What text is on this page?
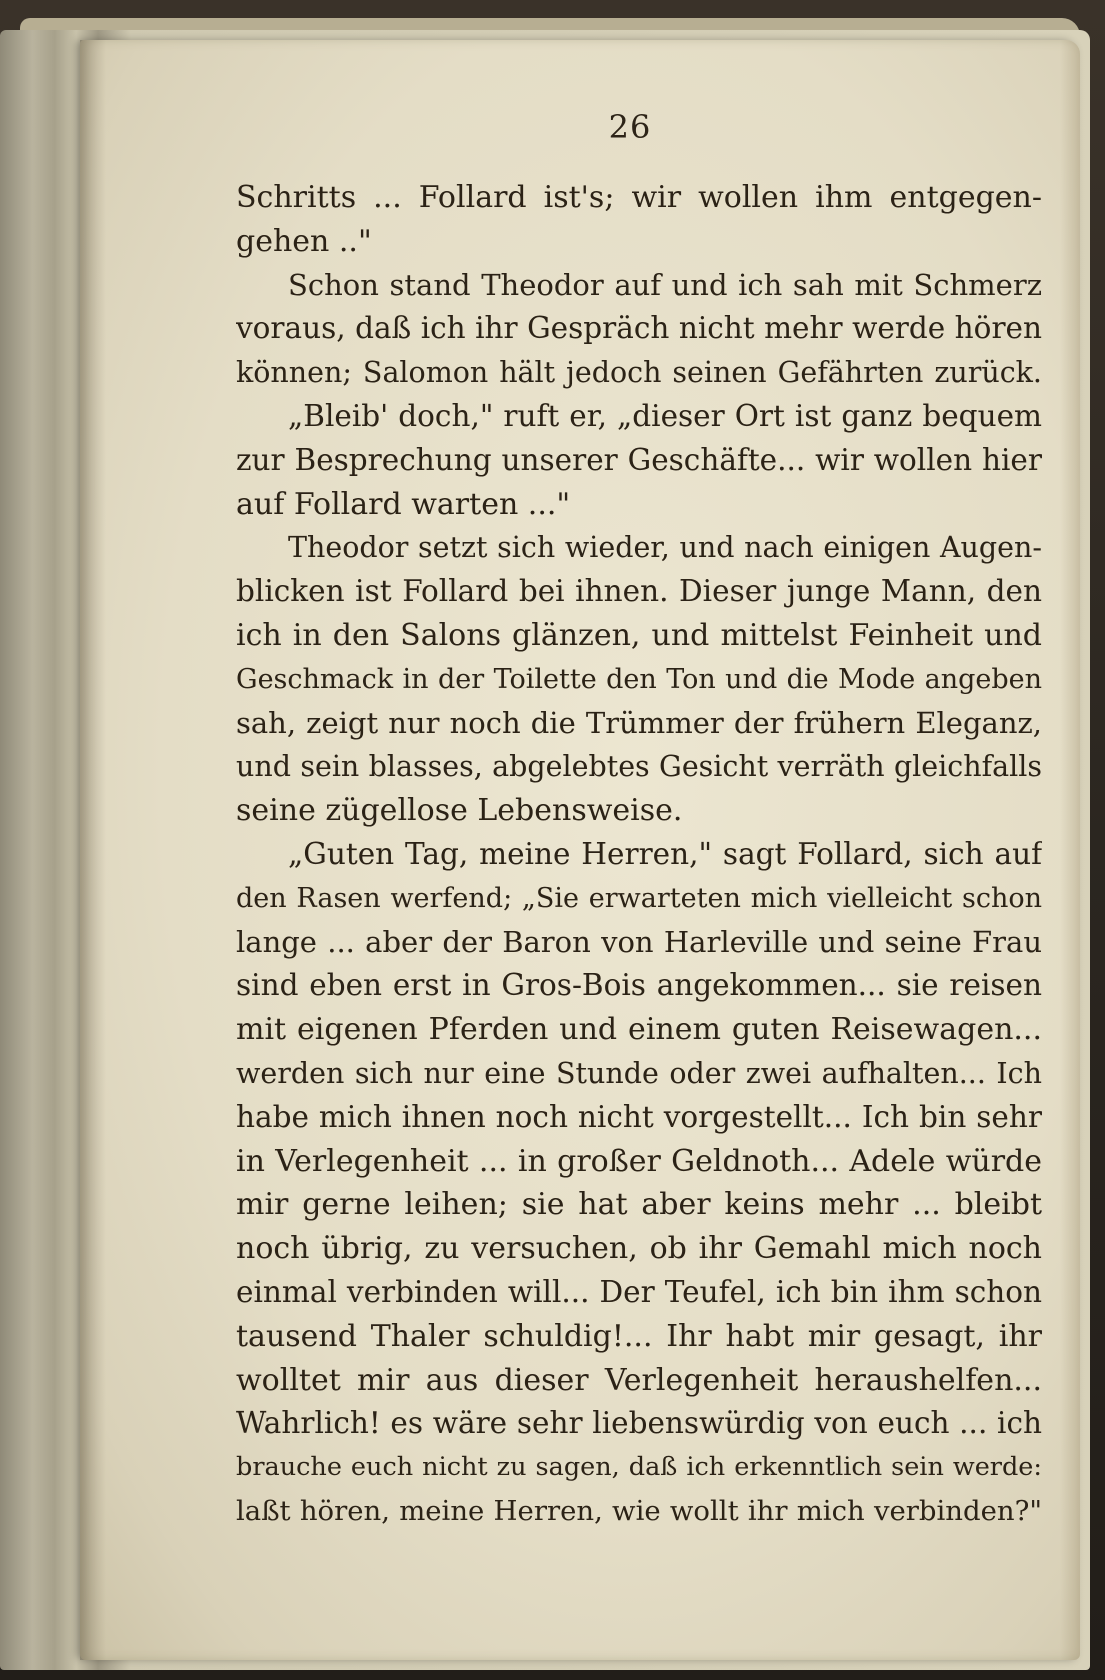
26
Schritts ... Follard ist's; wir wollen ihm entgegen-
gehen .."
Schon stand Theodor auf und ich sah mit Schmerz
voraus, daß ich ihr Gespräch nicht mehr werde hören
können; Salomon hält jedoch seinen Gefährten zurück.
„Bleib' doch," ruft er, „dieser Ort ist ganz bequem
zur Besprechung unserer Geschäfte... wir wollen hier
auf Follard warten ..."
Theodor setzt sich wieder, und nach einigen Augen-
blicken ist Follard bei ihnen. Dieser junge Mann, den
ich in den Salons glänzen, und mittelst Feinheit und
Geschmack in der Toilette den Ton und die Mode angeben
sah, zeigt nur noch die Trümmer der frühern Eleganz,
und sein blasses, abgelebtes Gesicht verräth gleichfalls
seine zügellose Lebensweise.
„Guten Tag, meine Herren," sagt Follard, sich auf
den Rasen werfend; „Sie erwarteten mich vielleicht schon
lange ... aber der Baron von Harleville und seine Frau
sind eben erst in Gros-Bois angekommen... sie reisen
mit eigenen Pferden und einem guten Reisewagen...
werden sich nur eine Stunde oder zwei aufhalten... Ich
habe mich ihnen noch nicht vorgestellt... Ich bin sehr
in Verlegenheit ... in großer Geldnoth... Adele würde
mir gerne leihen; sie hat aber keins mehr ... bleibt
noch übrig, zu versuchen, ob ihr Gemahl mich noch
einmal verbinden will... Der Teufel, ich bin ihm schon
tausend Thaler schuldig!... Ihr habt mir gesagt, ihr
wolltet mir aus dieser Verlegenheit heraushelfen...
Wahrlich! es wäre sehr liebenswürdig von euch ... ich
brauche euch nicht zu sagen, daß ich erkenntlich sein werde:
laßt hören, meine Herren, wie wollt ihr mich verbinden?"
